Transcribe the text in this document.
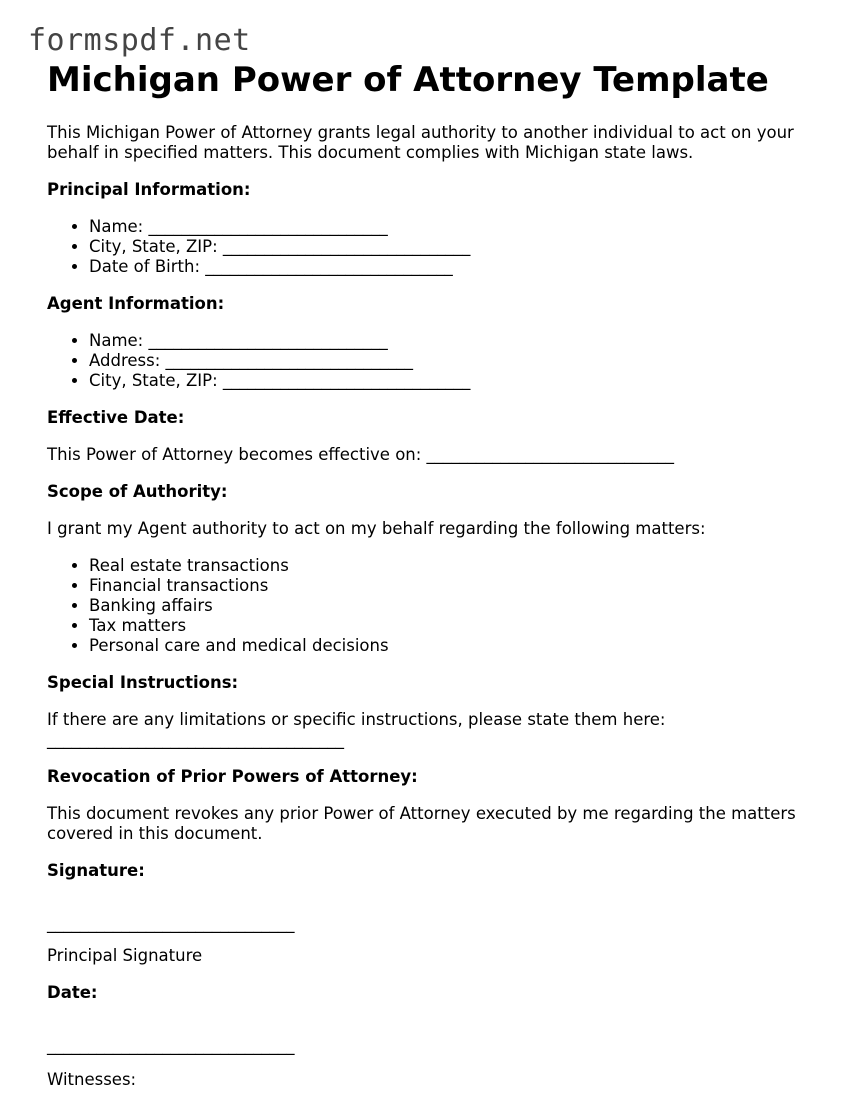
formspdf.net
Michigan Power of Attorney Template

This Michigan Power of Attorney grants legal authority to another individual to act on your behalf in specified matters. This document complies with Michigan state laws.

Principal Information:

• Name: _____________________________
• City, State, ZIP: ______________________________
• Date of Birth: ______________________________

Agent Information:

• Name: _____________________________
• Address: ______________________________
• City, State, ZIP: ______________________________

Effective Date:

This Power of Attorney becomes effective on: ______________________________

Scope of Authority:

I grant my Agent authority to act on my behalf regarding the following matters:

• Real estate transactions
• Financial transactions
• Banking affairs
• Tax matters
• Personal care and medical decisions

Special Instructions:

If there are any limitations or specific instructions, please state them here: ____________________________________

Revocation of Prior Powers of Attorney:

This document revokes any prior Power of Attorney executed by me regarding the matters covered in this document.

Signature:

______________________________

Principal Signature

Date:

______________________________

Witnesses:
